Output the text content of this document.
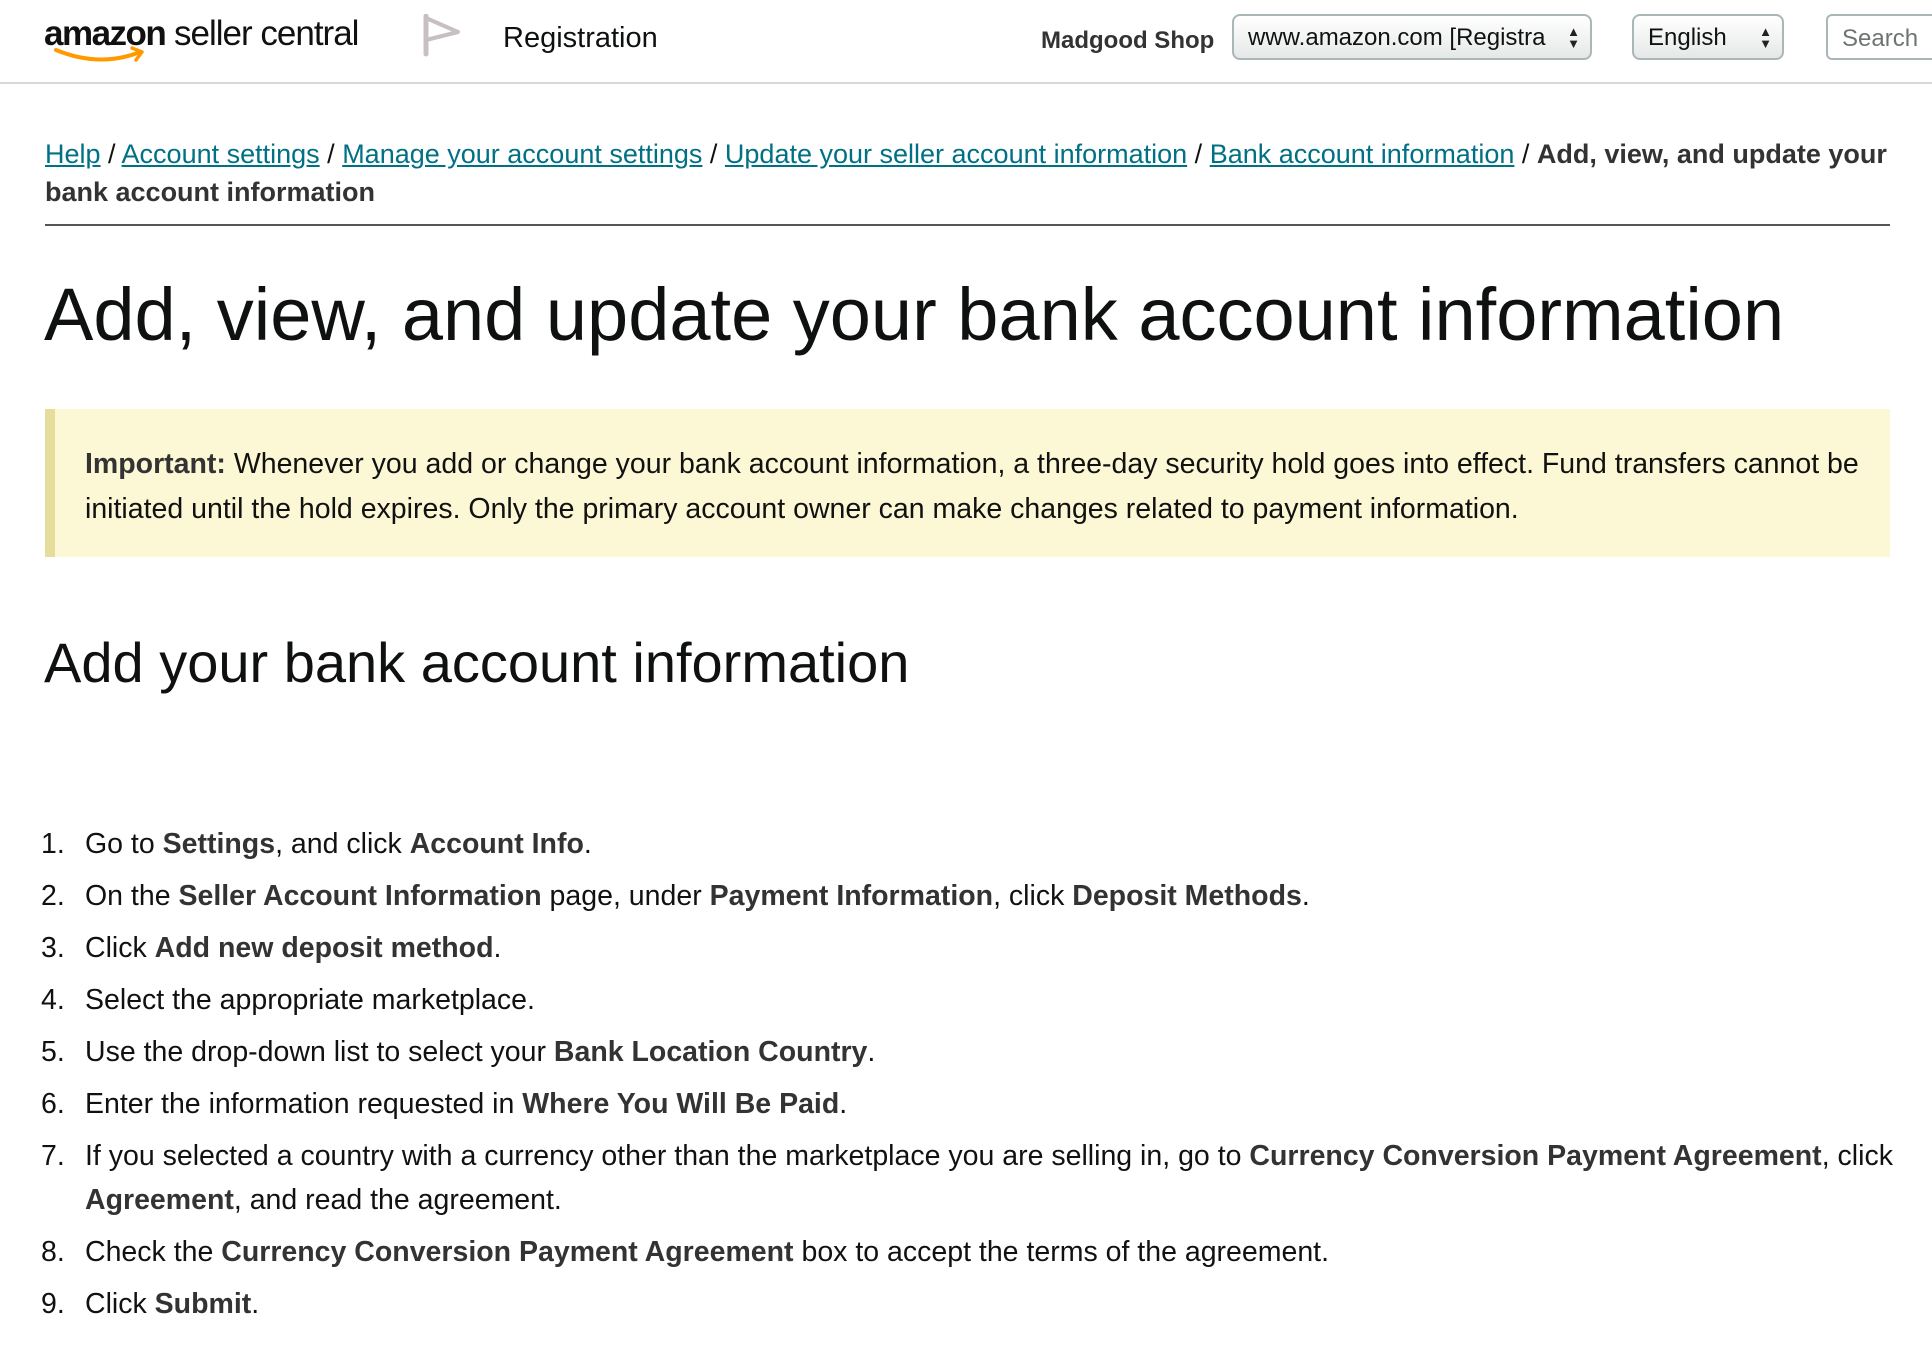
amazon seller central	Registration	Madgood Shop	www.amazon.com [Registra ▲
▼	English ▲
▼	Search
Help / Account settings / Manage your account settings / Update your seller account information / Bank account information / Add, view, and update your bank account information
Add, view, and update your bank account information

Important: Whenever you add or change your bank account information, a three-day security hold goes into effect. Fund transfers cannot be initiated until the hold expires. Only the primary account owner can make changes related to payment information.

Add your bank account information
1. Go to Settings, and click Account Info.
2. On the Seller Account Information page, under Payment Information, click Deposit Methods.
3. Click Add new deposit method.
4. Select the appropriate marketplace.
5. Use the drop-down list to select your Bank Location Country.
6. Enter the information requested in Where You Will Be Paid.
7. If you selected a country with a currency other than the marketplace you are selling in, go to Currency Conversion Payment Agreement, click Agreement, and read the agreement.
8. Check the Currency Conversion Payment Agreement box to accept the terms of the agreement.
9. Click Submit.
